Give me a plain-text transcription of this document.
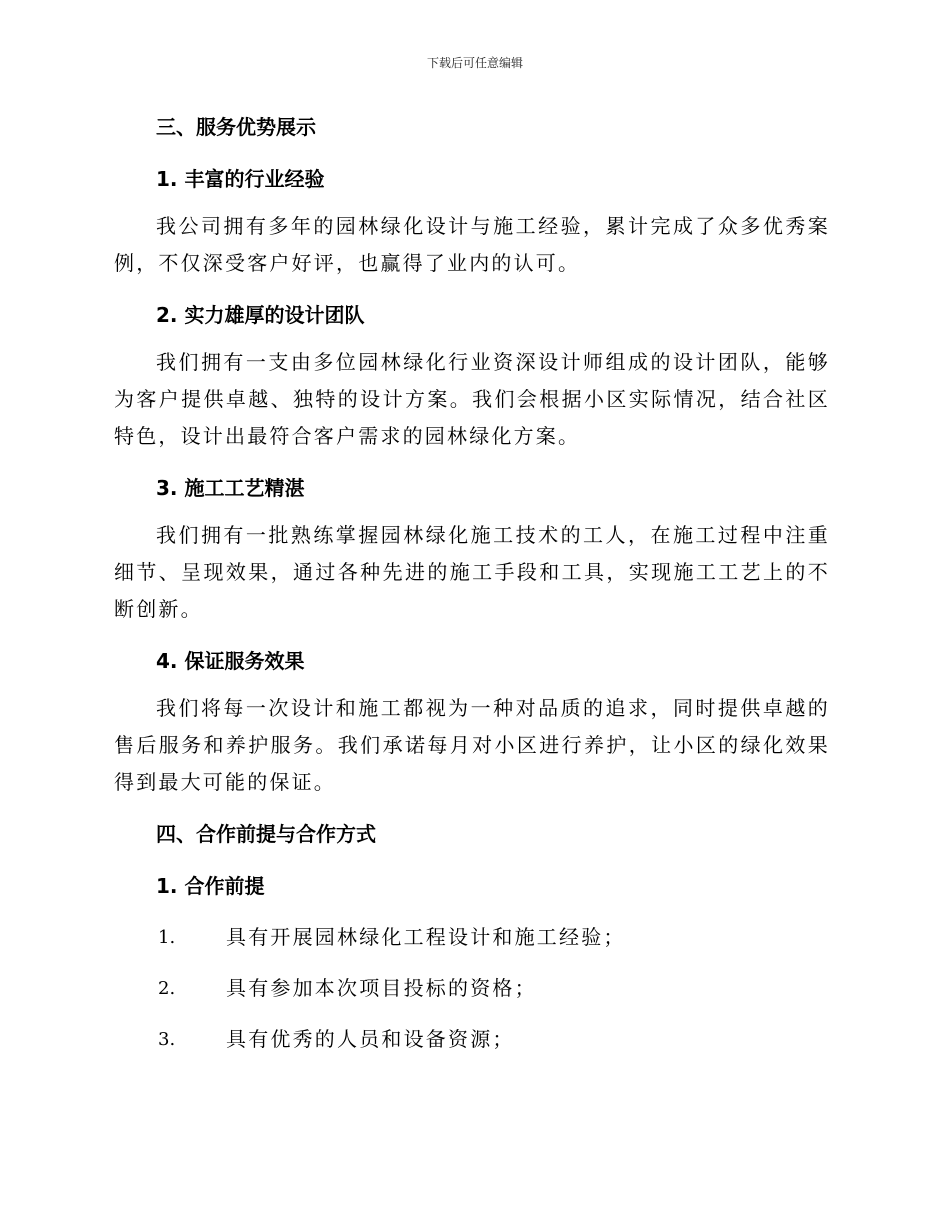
下载后可任意编辑

三、服务优势展示

1. 丰富的行业经验

我公司拥有多年的园林绿化设计与施工经验，累计完成了众多优秀案例，不仅深受客户好评，也赢得了业内的认可。

2. 实力雄厚的设计团队

我们拥有一支由多位园林绿化行业资深设计师组成的设计团队，能够为客户提供卓越、独特的设计方案。我们会根据小区实际情况，结合社区特色，设计出最符合客户需求的园林绿化方案。

3. 施工工艺精湛

我们拥有一批熟练掌握园林绿化施工技术的工人，在施工过程中注重细节、呈现效果，通过各种先进的施工手段和工具，实现施工工艺上的不断创新。

4. 保证服务效果

我们将每一次设计和施工都视为一种对品质的追求，同时提供卓越的售后服务和养护服务。我们承诺每月对小区进行养护，让小区的绿化效果得到最大可能的保证。

四、合作前提与合作方式

1. 合作前提

1.	具有开展园林绿化工程设计和施工经验；
2.	具有参加本次项目投标的资格；
3.	具有优秀的人员和设备资源；
